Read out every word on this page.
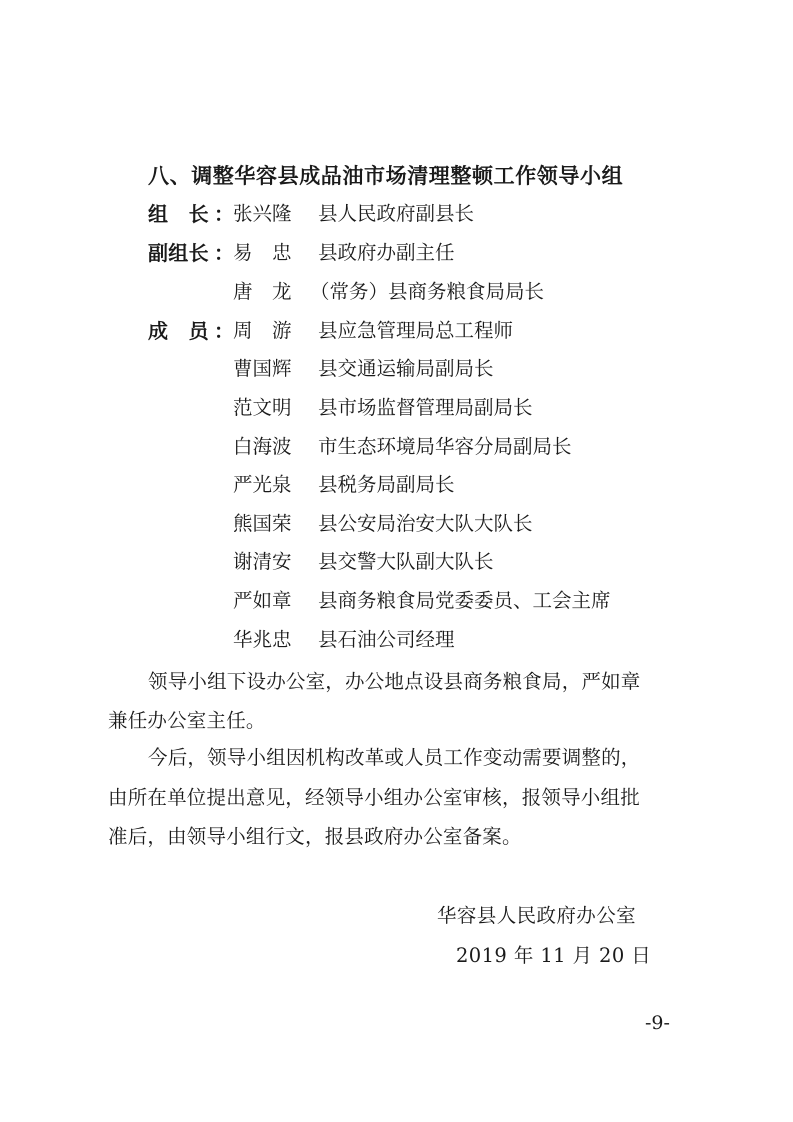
八、调整华容县成品油市场清理整顿工作领导小组
组　长 ： 张兴隆 县人民政府副县长
副组长 ： 易　忠 县政府办副主任
唐　龙 （常务）县商务粮食局局长
成　员 ： 周　游 县应急管理局总工程师
曹国辉 县交通运输局副局长
范文明 县市场监督管理局副局长
白海波 市生态环境局华容分局副局长
严光泉 县税务局副局长
熊国荣 县公安局治安大队大队长
谢清安 县交警大队副大队长
严如章 县商务粮食局党委委员、工会主席
华兆忠 县石油公司经理
领导小组下设办公室，办公地点设县商务粮食局，严如章
兼任办公室主任。
今后，领导小组因机构改革或人员工作变动需要调整的，
由所在单位提出意见，经领导小组办公室审核，报领导小组批
准后，由领导小组行文，报县政府办公室备案。
华容县人民政府办公室
2019 年 11 月 20 日
-9-
